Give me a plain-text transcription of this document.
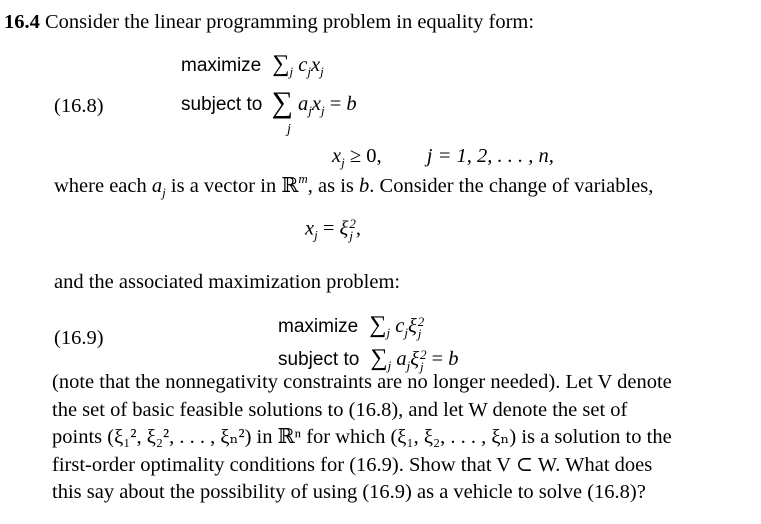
16.4 Consider the linear programming problem in equality form:
(16.8)
maximize $\sum_j$ $c_jx_j$
subject to ∑ $a_jx_j = b$
j
$x_j \ge 0$, j = 1, 2, . . . , n,
where each $a_j$ is a vector in ℝ$^m$, as is b. Consider the change of variables,
$x_j = \xi$ 2
j ,
and the associated maximization problem:
(16.9)
maximize $\sum_j$ $c_j\xi$ 2
j
subject to $\sum_j$ $a_j\xi$ 2
j = b
(note that the nonnegativity constraints are no longer needed). Let V denote
the set of basic feasible solutions to (16.8), and let W denote the set of
points (ξ₁², ξ₂², . . . , ξₙ²) in ℝⁿ for which (ξ₁, ξ₂, . . . , ξₙ) is a solution to the
first-order optimality conditions for (16.9). Show that V ⊂ W. What does
this say about the possibility of using (16.9) as a vehicle to solve (16.8)?
